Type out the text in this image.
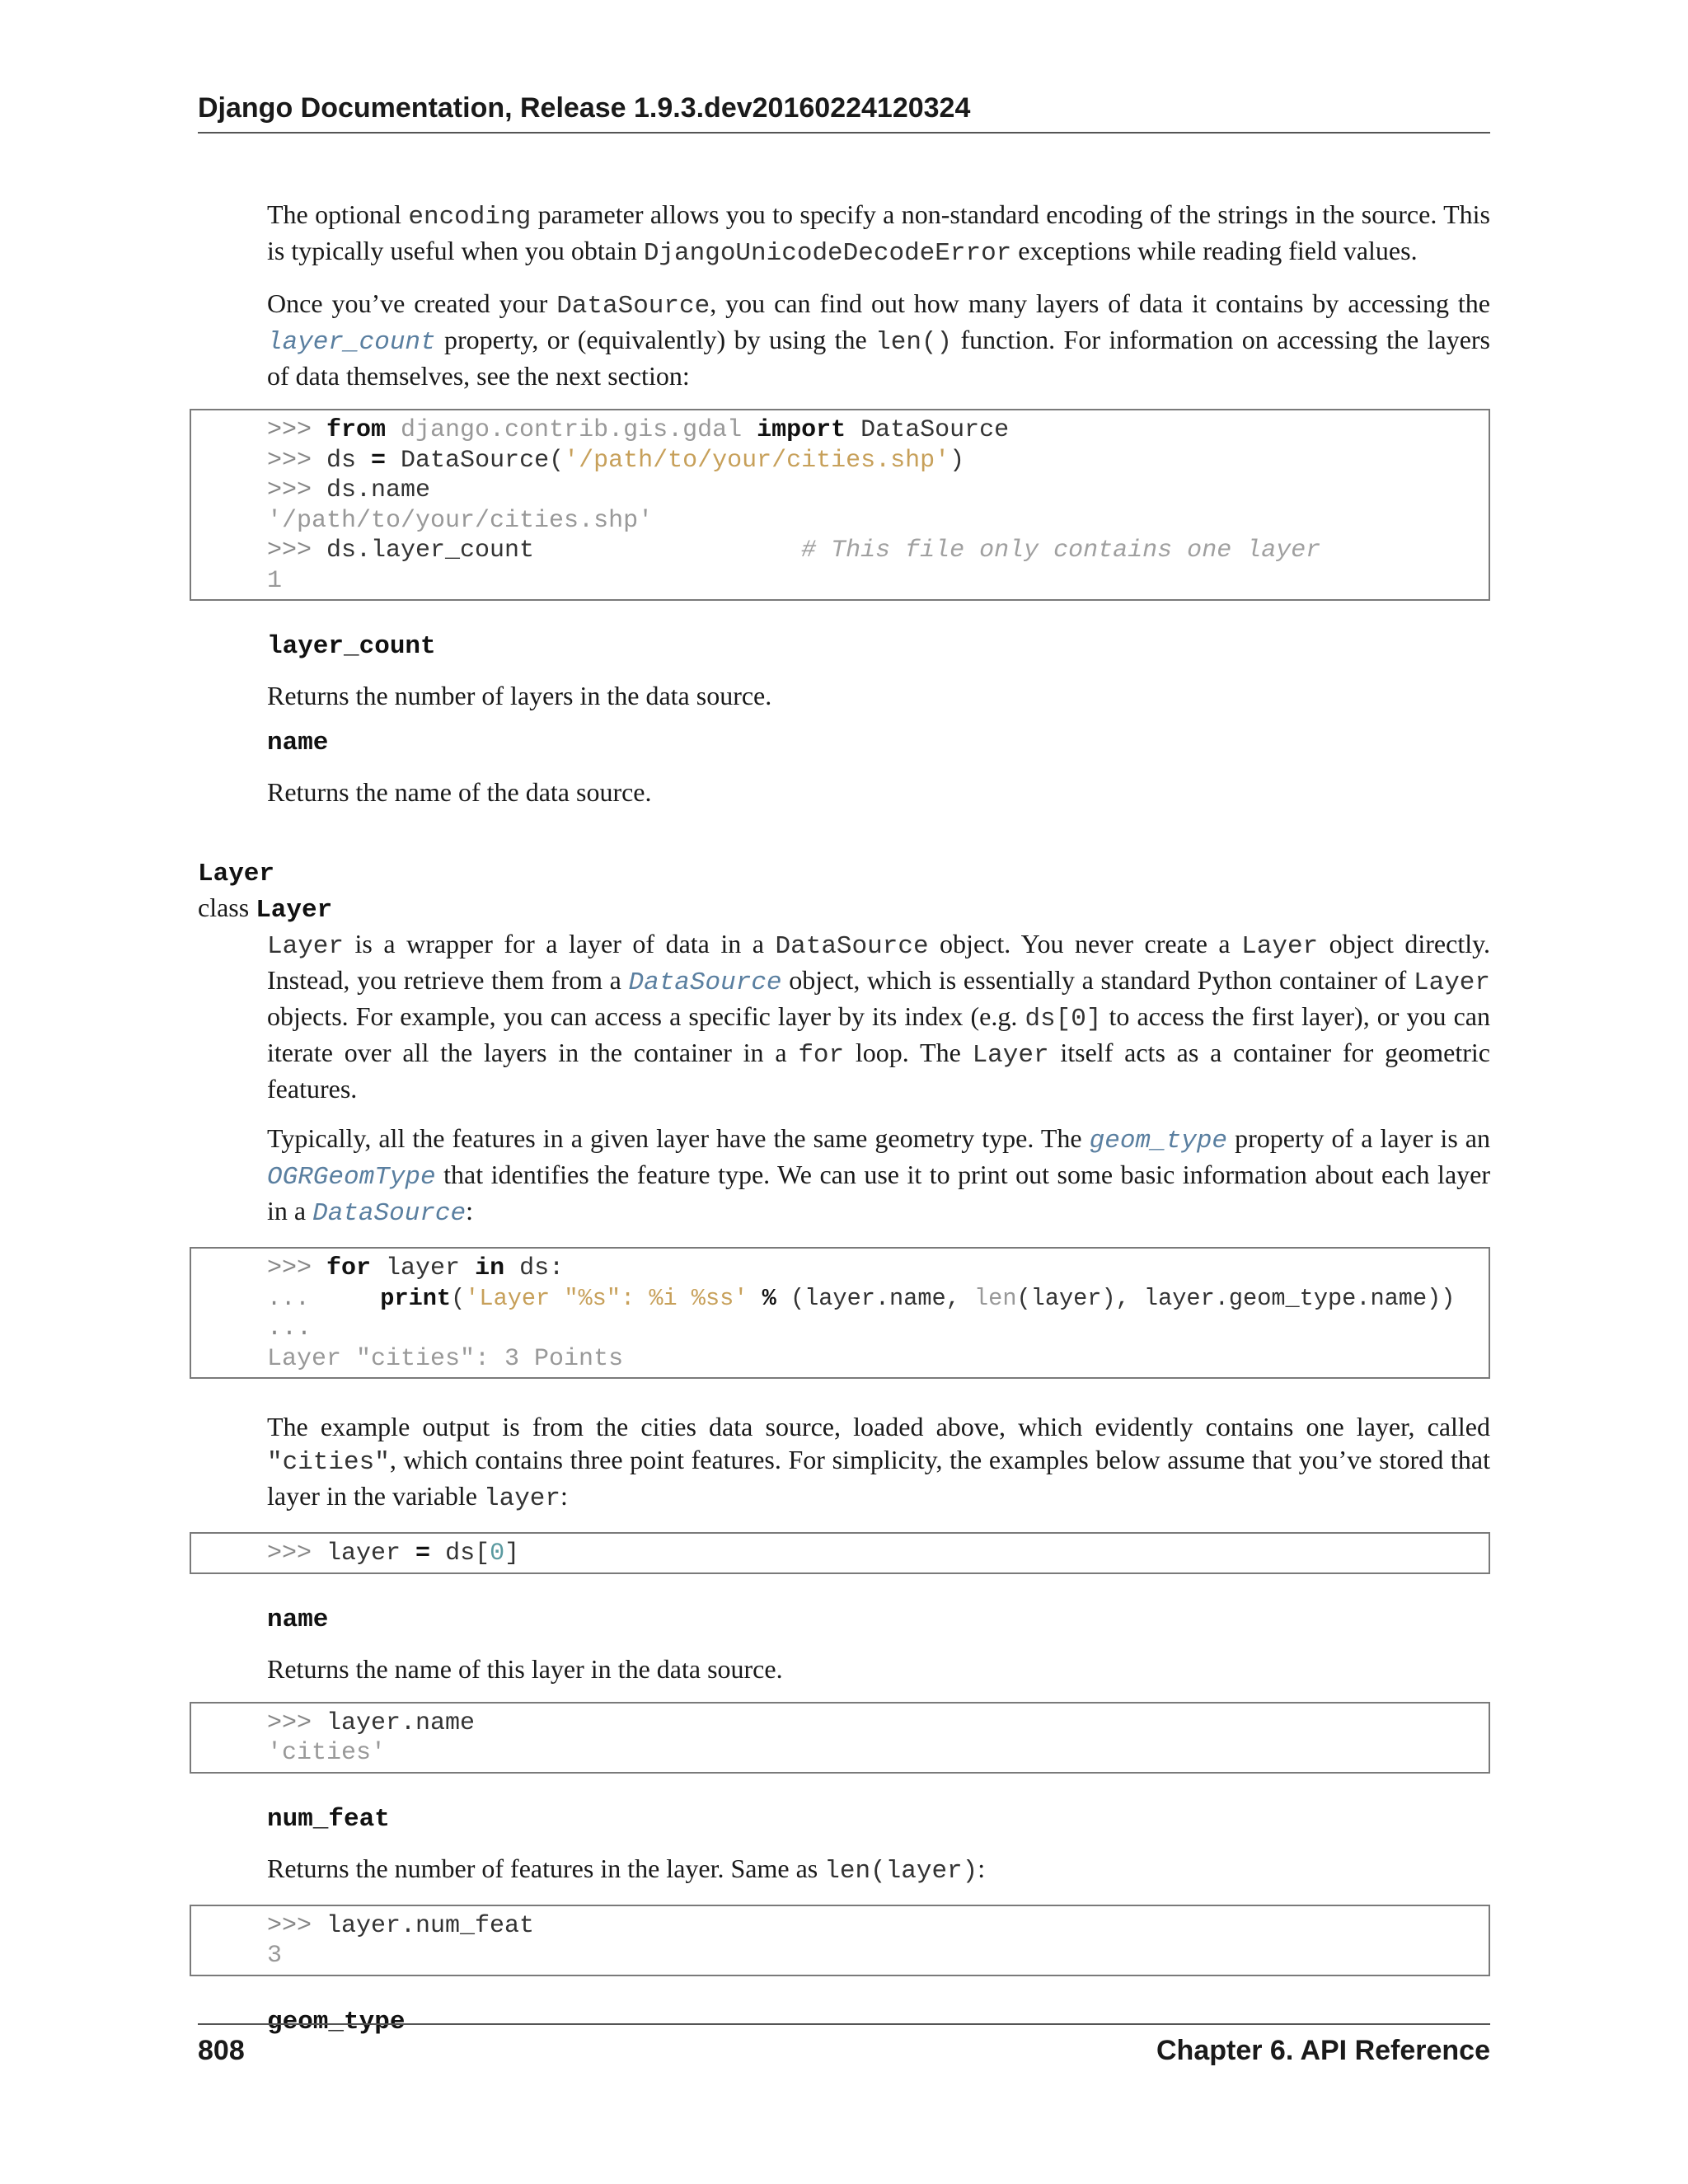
Django Documentation, Release 1.9.3.dev20160224120324

The optional encoding parameter allows you to specify a non-standard encoding of the strings in the source. This is typically useful when you obtain DjangoUnicodeDecodeError exceptions while reading field values.

Once you’ve created your DataSource, you can find out how many layers of data it contains by accessing the layer_count property, or (equivalently) by using the len() function. For information on accessing the layers of data themselves, see the next section:

>>> from django.contrib.gis.gdal import DataSource
>>> ds = DataSource('/path/to/your/cities.shp')
>>> ds.name
'/path/to/your/cities.shp'
>>> ds.layer_count                  # This file only contains one layer
1
layer_count

Returns the number of layers in the data source.

name

Returns the name of the data source.

Layer
class Layer

Layer is a wrapper for a layer of data in a DataSource object. You never create a Layer object directly. Instead, you retrieve them from a DataSource object, which is essentially a standard Python container of Layer objects. For example, you can access a specific layer by its index (e.g. ds[0] to access the first layer), or you can iterate over all the layers in the container in a for loop. The Layer itself acts as a container for geometric features.

Typically, all the features in a given layer have the same geometry type. The geom_type property of a layer is an OGRGeomType that identifies the feature type. We can use it to print out some basic information about each layer in a DataSource:

>>> for layer in ds:
...     print('Layer "%s": %i %ss' % (layer.name, len(layer), layer.geom_type.name))
...
Layer "cities": 3 Points

The example output is from the cities data source, loaded above, which evidently contains one layer, called "cities", which contains three point features. For simplicity, the examples below assume that you’ve stored that layer in the variable layer:

>>> layer = ds[0]
name

Returns the name of this layer in the data source.

>>> layer.name
'cities'
num_feat

Returns the number of features in the layer. Same as len(layer):

>>> layer.num_feat
3
geom_type
808	Chapter 6. API Reference
